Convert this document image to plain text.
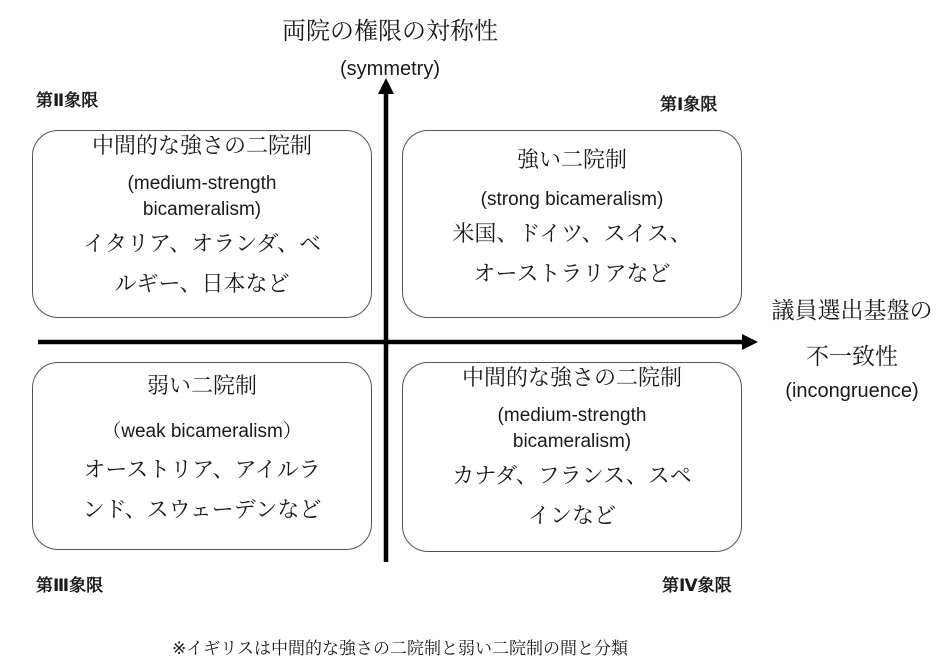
両院の権限の対称性
(symmetry)
議員選出基盤の
不一致性
(incongruence)
第Ⅱ象限	第Ⅰ象限
第Ⅲ象限	第Ⅳ象限
中間的な強さの二院制
(medium-strength
bicameralism)
イタリア、オランダ、ベ
ルギー、日本など
強い二院制
(strong bicameralism)
米国、ドイツ、スイス、
オーストラリアなど
弱い二院制
（weak bicameralism）
オーストリア、アイルラ
ンド、スウェーデンなど
中間的な強さの二院制
(medium-strength
bicameralism)
カナダ、フランス、スペ
インなど
※イギリスは中間的な強さの二院制と弱い二院制の間と分類
